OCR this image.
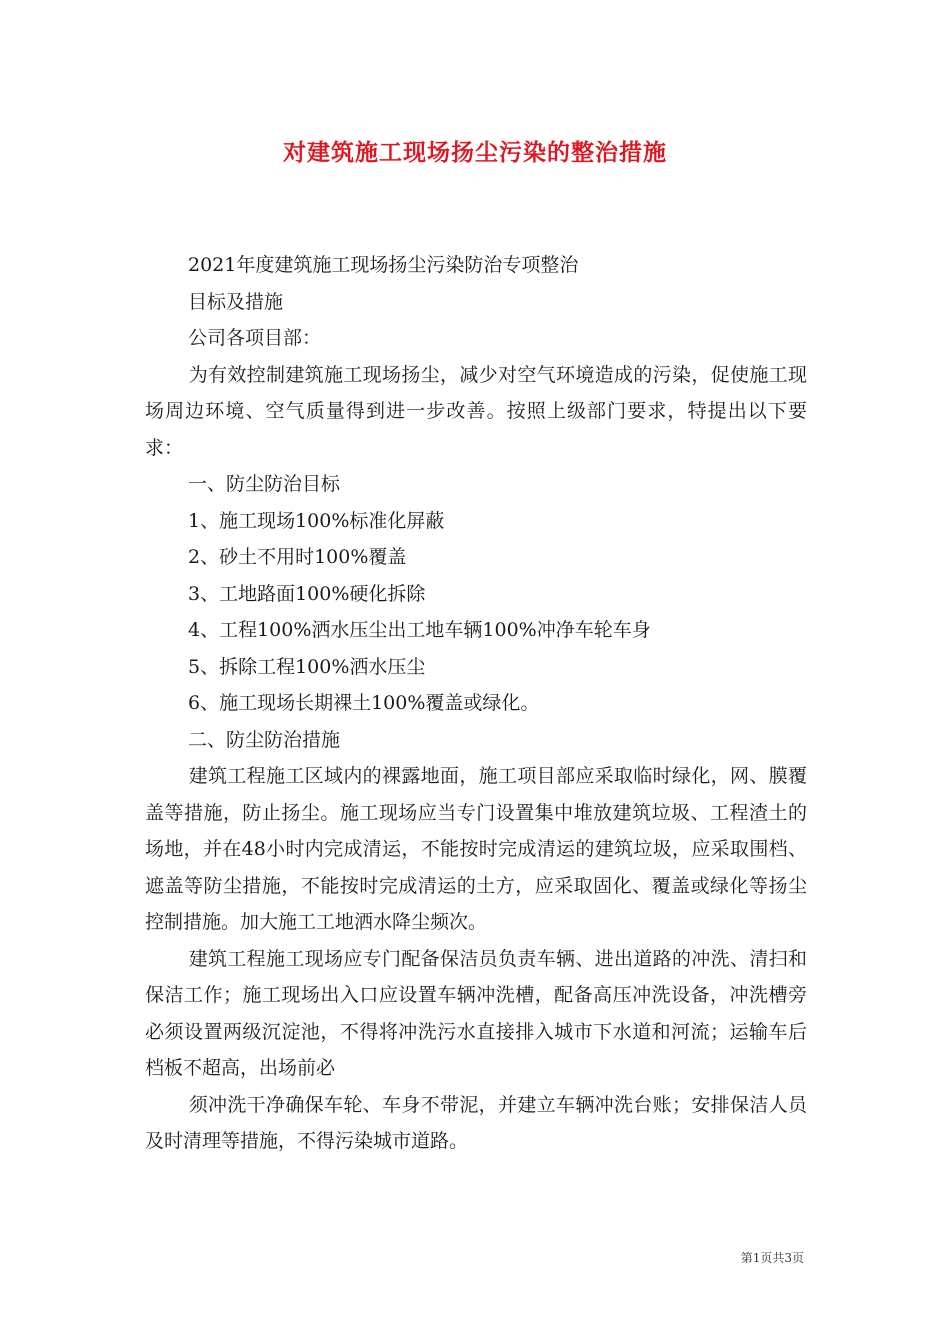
对建筑施工现场扬尘污染的整治措施

2021年度建筑施工现场扬尘污染防治专项整治

目标及措施

公司各项目部：

为有效控制建筑施工现场扬尘，减少对空气环境造成的污染，促使施工现场周边环境、空气质量得到进一步改善。按照上级部门要求，特提出以下要求：

一、防尘防治目标

1、施工现场100%标准化屏蔽

2、砂土不用时100%覆盖

3、工地路面100%硬化拆除

4、工程100%洒水压尘出工地车辆100%冲净车轮车身

5、拆除工程100%洒水压尘

6、施工现场长期裸土100%覆盖或绿化。

二、防尘防治措施

建筑工程施工区域内的裸露地面，施工项目部应采取临时绿化，网、膜覆盖等措施，防止扬尘。施工现场应当专门设置集中堆放建筑垃圾、工程渣土的场地，并在48小时内完成清运，不能按时完成清运的建筑垃圾，应采取围档、遮盖等防尘措施，不能按时完成清运的土方，应采取固化、覆盖或绿化等扬尘控制措施。加大施工工地洒水降尘频次。

建筑工程施工现场应专门配备保洁员负责车辆、进出道路的冲洗、清扫和保洁工作；施工现场出入口应设置车辆冲洗槽，配备高压冲洗设备，冲洗槽旁必须设置两级沉淀池，不得将冲洗污水直接排入城市下水道和河流；运输车后档板不超高，出场前必

须冲洗干净确保车轮、车身不带泥，并建立车辆冲洗台账；安排保洁人员及时清理等措施，不得污染城市道路。

第1页共3页
